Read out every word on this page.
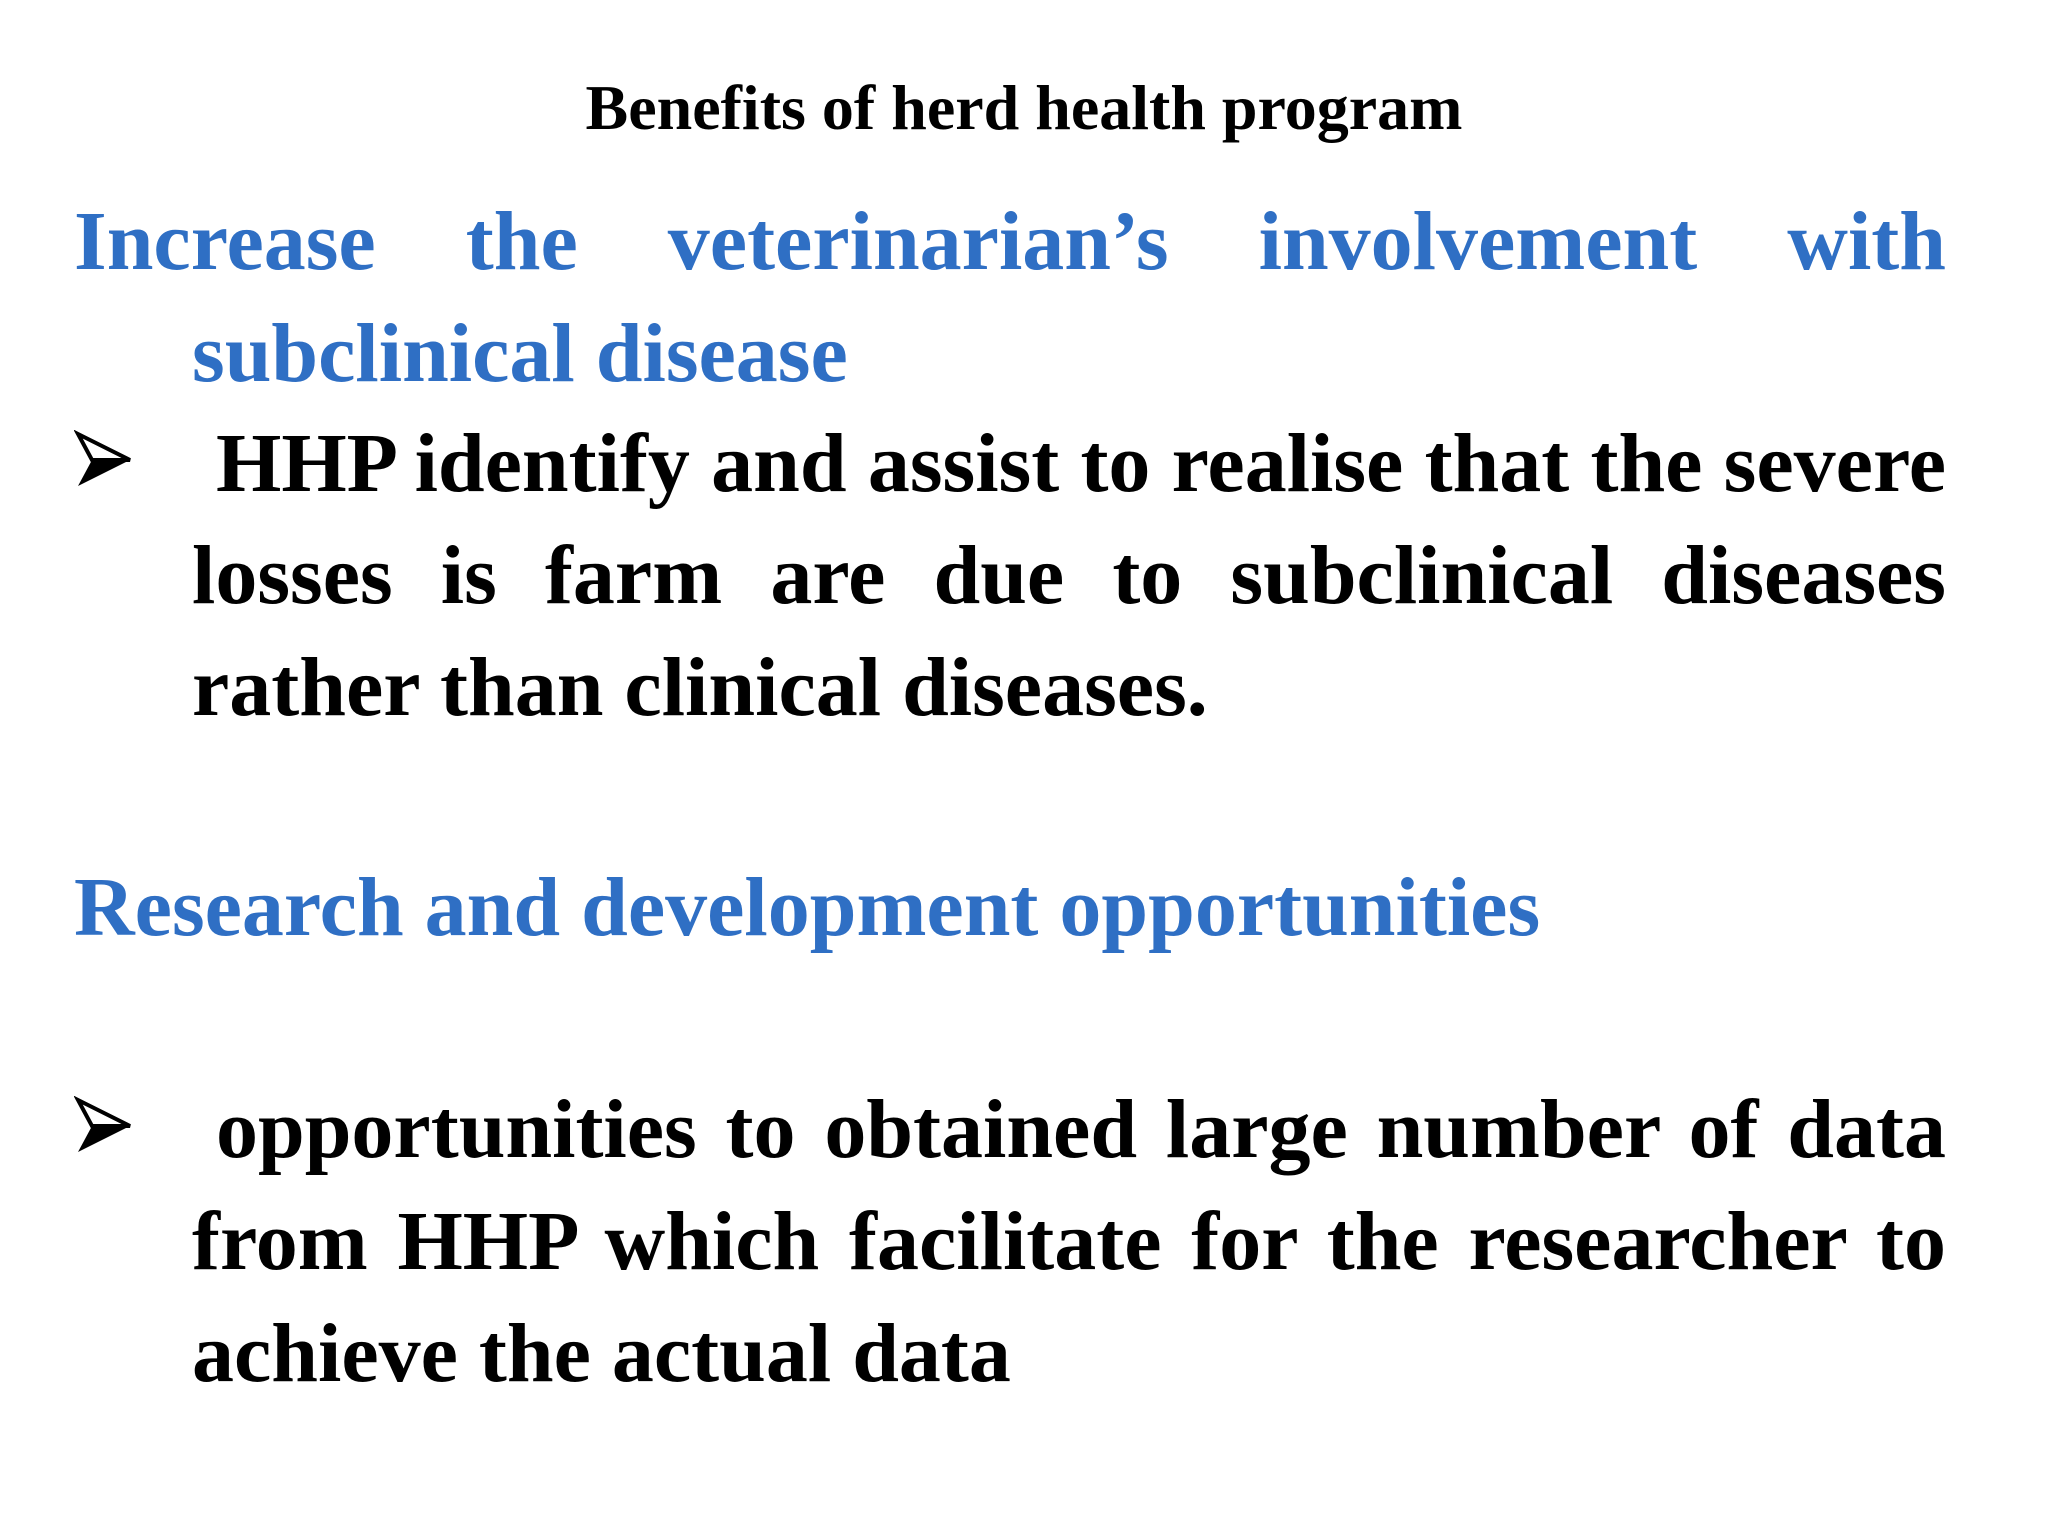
Benefits of herd health program
Increase the veterinarian’s involvement with subclinical disease
HHP identify and assist to realise that the severe losses is farm are due to subclinical diseases rather than clinical diseases.
Research and development opportunities
opportunities to obtained large number of data from HHP which facilitate for the researcher to achieve the actual data
